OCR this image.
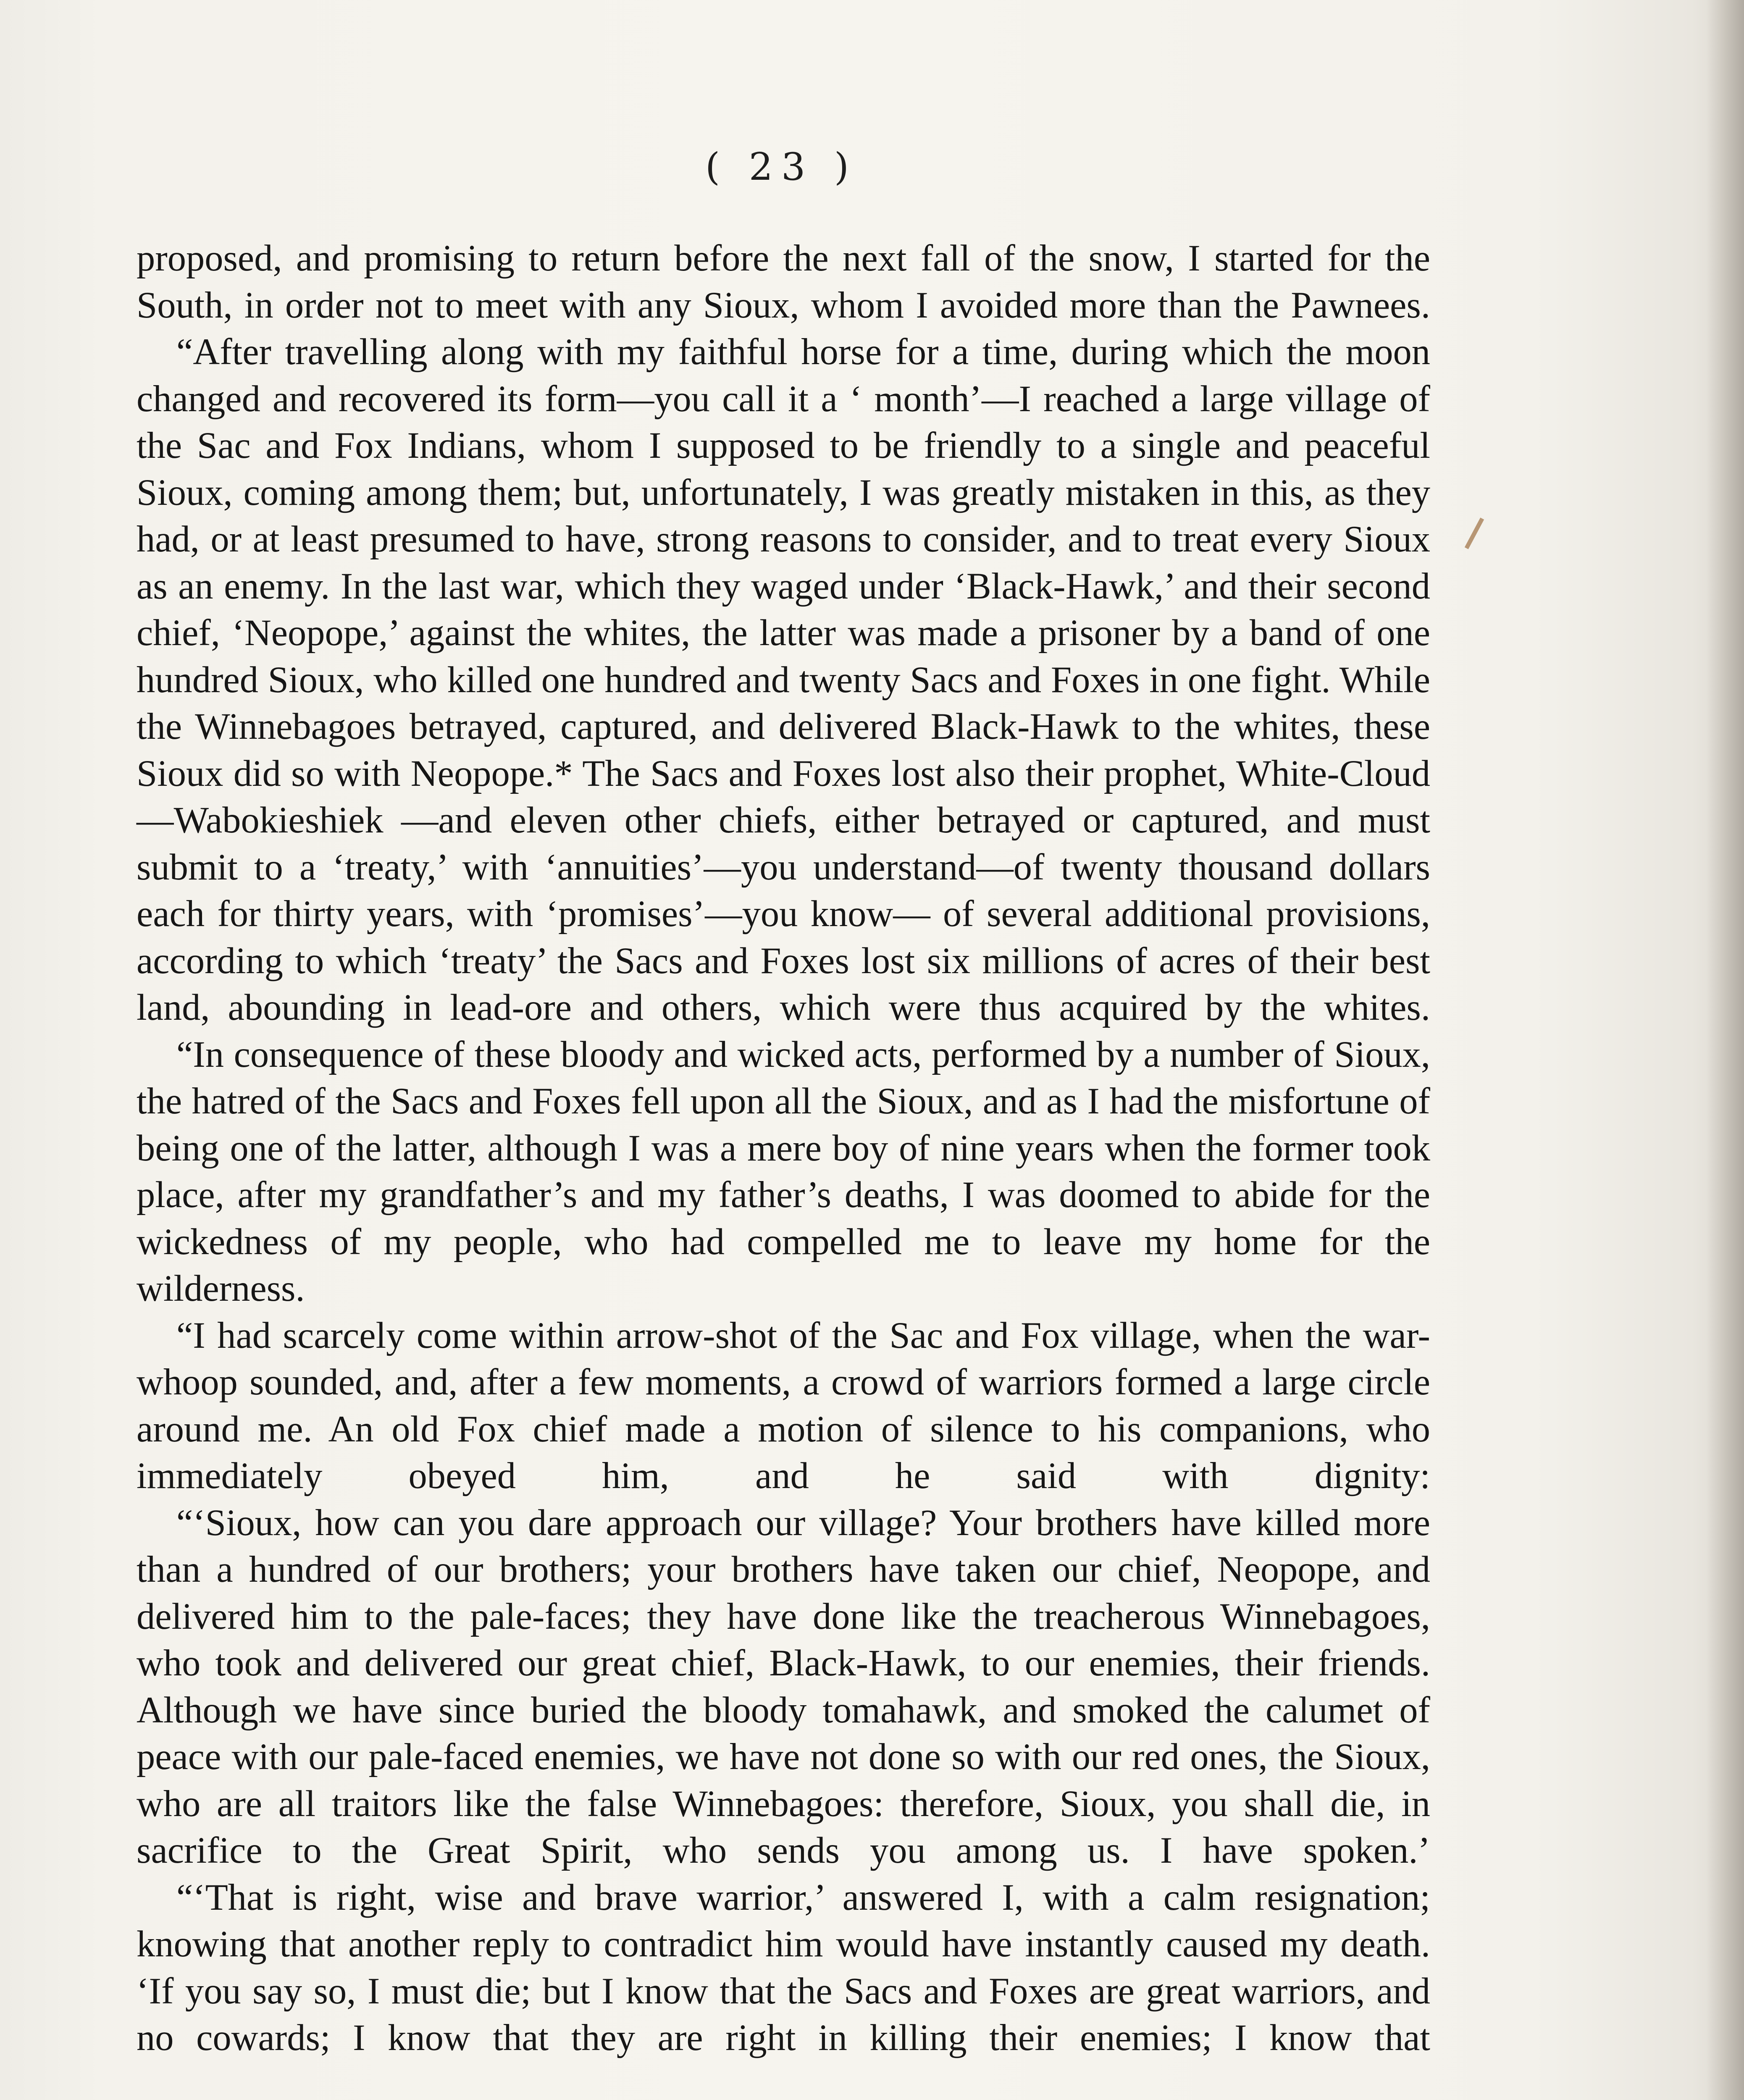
( 23 )

proposed, and promising to return before the next fall of the snow, I started for the South, in order not to meet with any Sioux, whom I avoided more than the Pawnees.

“After travelling along with my faithful horse for a time, during which the moon changed and recovered its form—you call it a ‘ month’—I reached a large village of the Sac and Fox Indians, whom I supposed to be friendly to a single and peaceful Sioux, coming among them; but, unfortunately, I was greatly mistaken in this, as they had, or at least presumed to have, strong reasons to consider, and to treat every Sioux as an enemy. In the last war, which they waged under ‘Black-Hawk,’ and their second chief, ‘Neopope,’ against the whites, the latter was made a prisoner by a band of one hundred Sioux, who killed one hundred and twenty Sacs and Foxes in one fight. While the Winnebagoes betrayed, captured, and delivered Black-Hawk to the whites, these Sioux did so with Neopope.* The Sacs and Foxes lost also their prophet, White-Cloud—Wabokieshiek —and eleven other chiefs, either betrayed or captured, and must submit to a ‘treaty,’ with ‘annuities’—you understand—of twenty thousand dollars each for thirty years, with ‘promises’—you know— of several additional provisions, according to which ‘treaty’ the Sacs and Foxes lost six millions of acres of their best land, abounding in lead-ore and others, which were thus acquired by the whites.

“In consequence of these bloody and wicked acts, performed by a number of Sioux, the hatred of the Sacs and Foxes fell upon all the Sioux, and as I had the misfortune of being one of the latter, although I was a mere boy of nine years when the former took place, after my grandfather’s and my father’s deaths, I was doomed to abide for the wickedness of my people, who had compelled me to leave my home for the wilderness.

“I had scarcely come within arrow-shot of the Sac and Fox village, when the war-whoop sounded, and, after a few moments, a crowd of warriors formed a large circle around me. An old Fox chief made a motion of silence to his companions, who immediately obeyed him, and he said with dignity:

“‘Sioux, how can you dare approach our village? Your brothers have killed more than a hundred of our brothers; your brothers have taken our chief, Neopope, and delivered him to the pale-faces; they have done like the treacherous Winnebagoes, who took and delivered our great chief, Black-Hawk, to our enemies, their friends. Although we have since buried the bloody tomahawk, and smoked the calumet of peace with our pale-faced enemies, we have not done so with our red ones, the Sioux, who are all traitors like the false Winnebagoes: therefore, Sioux, you shall die, in sacrifice to the Great Spirit, who sends you among us. I have spoken.’

“‘That is right, wise and brave warrior,’ answered I, with a calm resignation; knowing that another reply to contradict him would have instantly caused my death. ‘If you say so, I must die; but I know that the Sacs and Foxes are great warriors, and no cowards; I know that they are right in killing their enemies; I know that
